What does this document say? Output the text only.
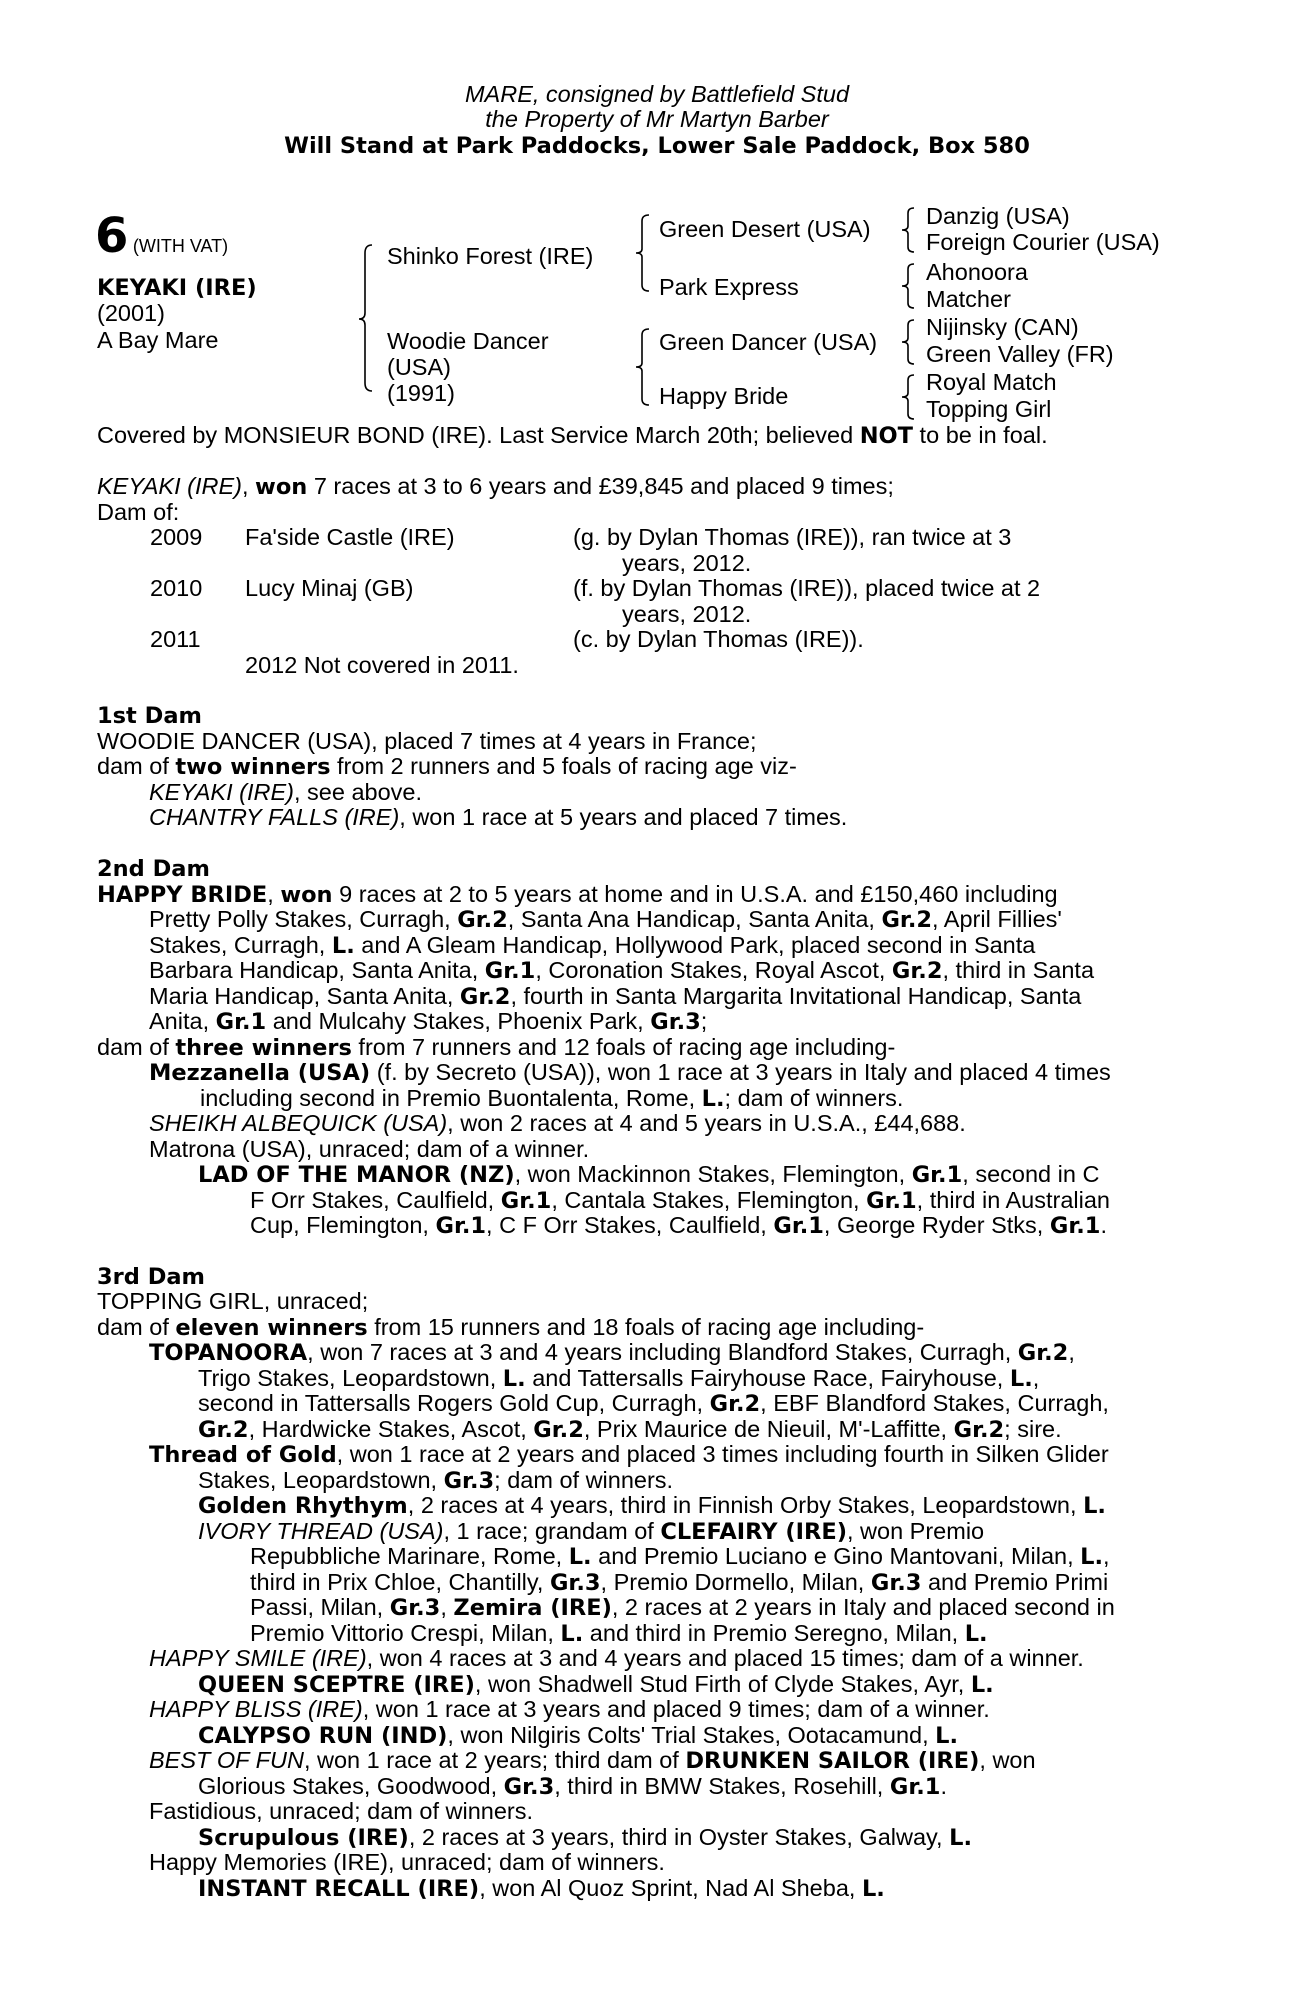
MARE, consigned by Battlefield Stud
the Property of Mr Martyn Barber
Will Stand at Park Paddocks, Lower Sale Paddock, Box 580
6 (WITH VAT)
KEYAKI (IRE)
(2001)
A Bay Mare
Shinko Forest (IRE)
Woodie Dancer
(USA)
(1991)
Green Desert (USA)
Park Express
Green Dancer (USA)
Happy Bride
Danzig (USA)
Foreign Courier (USA)
Ahonoora
Matcher
Nijinsky (CAN)
Green Valley (FR)
Royal Match
Topping Girl
Covered by MONSIEUR BOND (IRE). Last Service March 20th; believed NOT to be in foal.
KEYAKI (IRE), won 7 races at 3 to 6 years and £39,845 and placed 9 times;
Dam of:
2009 Fa'side Castle (IRE)	(g. by Dylan Thomas (IRE)), ran twice at 3
years, 2012.
2010 Lucy Minaj (GB)	(f. by Dylan Thomas (IRE)), placed twice at 2
years, 2012.
2011	(c. by Dylan Thomas (IRE)).
2012 Not covered in 2011.
1st Dam
WOODIE DANCER (USA), placed 7 times at 4 years in France;
dam of two winners from 2 runners and 5 foals of racing age viz-
KEYAKI (IRE), see above.
CHANTRY FALLS (IRE), won 1 race at 5 years and placed 7 times.
2nd Dam
HAPPY BRIDE, won 9 races at 2 to 5 years at home and in U.S.A. and £150,460 including
Pretty Polly Stakes, Curragh, Gr.2, Santa Ana Handicap, Santa Anita, Gr.2, April Fillies'
Stakes, Curragh, L. and A Gleam Handicap, Hollywood Park, placed second in Santa
Barbara Handicap, Santa Anita, Gr.1, Coronation Stakes, Royal Ascot, Gr.2, third in Santa
Maria Handicap, Santa Anita, Gr.2, fourth in Santa Margarita Invitational Handicap, Santa
Anita, Gr.1 and Mulcahy Stakes, Phoenix Park, Gr.3;
dam of three winners from 7 runners and 12 foals of racing age including-
Mezzanella (USA) (f. by Secreto (USA)), won 1 race at 3 years in Italy and placed 4 times
including second in Premio Buontalenta, Rome, L.; dam of winners.
SHEIKH ALBEQUICK (USA), won 2 races at 4 and 5 years in U.S.A., £44,688.
Matrona (USA), unraced; dam of a winner.
LAD OF THE MANOR (NZ), won Mackinnon Stakes, Flemington, Gr.1, second in C
F Orr Stakes, Caulfield, Gr.1, Cantala Stakes, Flemington, Gr.1, third in Australian
Cup, Flemington, Gr.1, C F Orr Stakes, Caulfield, Gr.1, George Ryder Stks, Gr.1.
3rd Dam
TOPPING GIRL, unraced;
dam of eleven winners from 15 runners and 18 foals of racing age including-
TOPANOORA, won 7 races at 3 and 4 years including Blandford Stakes, Curragh, Gr.2,
Trigo Stakes, Leopardstown, L. and Tattersalls Fairyhouse Race, Fairyhouse, L.,
second in Tattersalls Rogers Gold Cup, Curragh, Gr.2, EBF Blandford Stakes, Curragh,
Gr.2, Hardwicke Stakes, Ascot, Gr.2, Prix Maurice de Nieuil, M'-Laffitte, Gr.2; sire.
Thread of Gold, won 1 race at 2 years and placed 3 times including fourth in Silken Glider
Stakes, Leopardstown, Gr.3; dam of winners.
Golden Rhythym, 2 races at 4 years, third in Finnish Orby Stakes, Leopardstown, L.
IVORY THREAD (USA), 1 race; grandam of CLEFAIRY (IRE), won Premio
Repubbliche Marinare, Rome, L. and Premio Luciano e Gino Mantovani, Milan, L.,
third in Prix Chloe, Chantilly, Gr.3, Premio Dormello, Milan, Gr.3 and Premio Primi
Passi, Milan, Gr.3, Zemira (IRE), 2 races at 2 years in Italy and placed second in
Premio Vittorio Crespi, Milan, L. and third in Premio Seregno, Milan, L.
HAPPY SMILE (IRE), won 4 races at 3 and 4 years and placed 15 times; dam of a winner.
QUEEN SCEPTRE (IRE), won Shadwell Stud Firth of Clyde Stakes, Ayr, L.
HAPPY BLISS (IRE), won 1 race at 3 years and placed 9 times; dam of a winner.
CALYPSO RUN (IND), won Nilgiris Colts' Trial Stakes, Ootacamund, L.
BEST OF FUN, won 1 race at 2 years; third dam of DRUNKEN SAILOR (IRE), won
Glorious Stakes, Goodwood, Gr.3, third in BMW Stakes, Rosehill, Gr.1.
Fastidious, unraced; dam of winners.
Scrupulous (IRE), 2 races at 3 years, third in Oyster Stakes, Galway, L.
Happy Memories (IRE), unraced; dam of winners.
INSTANT RECALL (IRE), won Al Quoz Sprint, Nad Al Sheba, L.
